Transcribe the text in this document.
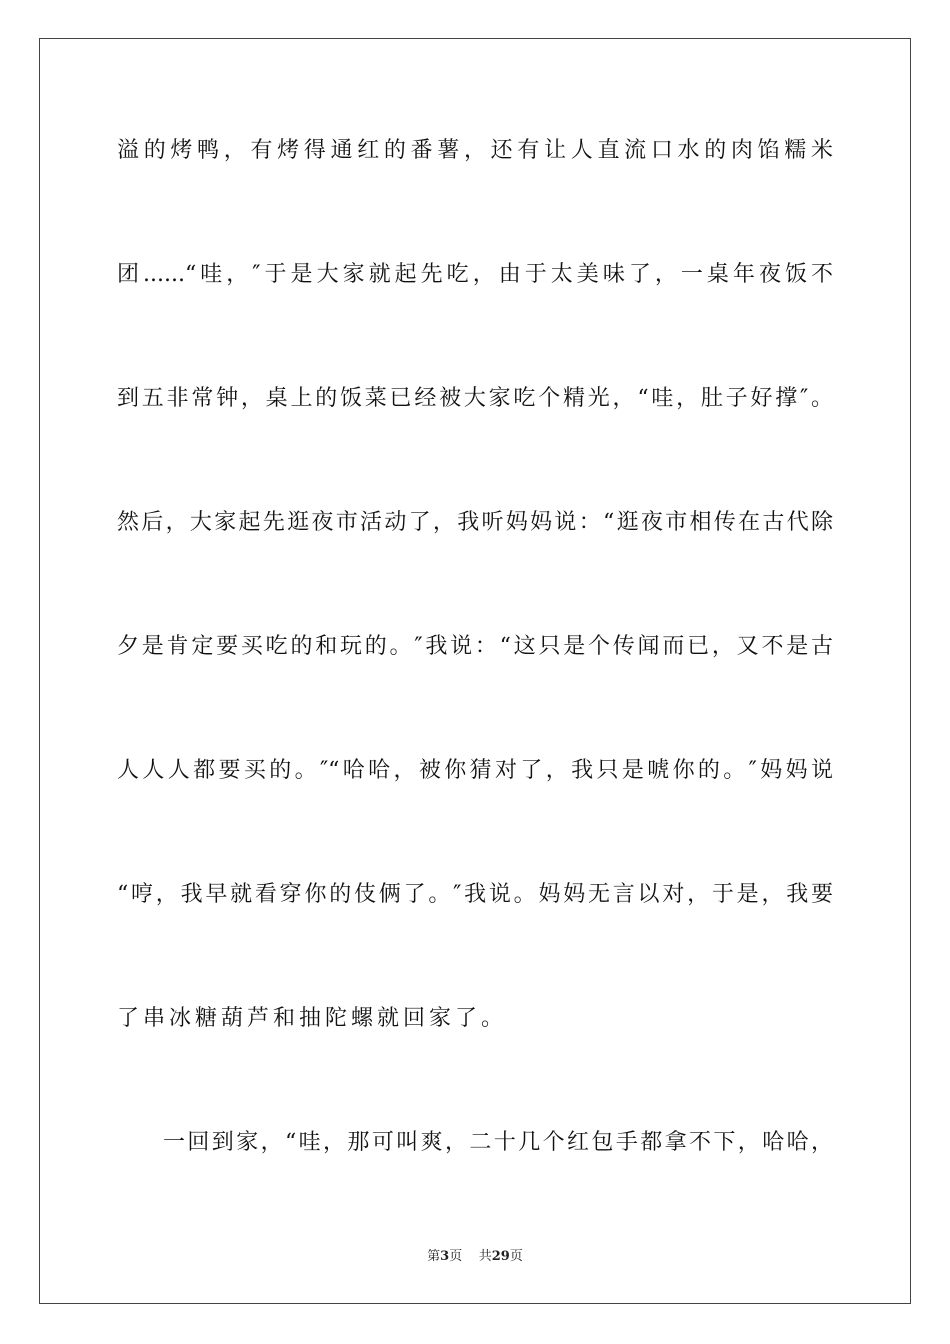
溢的烤鸭，有烤得通红的番薯，还有让人直流口水的肉馅糯米
团......“哇，″于是大家就起先吃，由于太美味了，一桌年夜饭不
到五非常钟，桌上的饭菜已经被大家吃个精光，“哇，肚子好撑″。
然后，大家起先逛夜市活动了，我听妈妈说：“逛夜市相传在古代除
夕是肯定要买吃的和玩的。″我说：“这只是个传闻而已，又不是古
人人人都要买的。″“哈哈，被你猜对了，我只是唬你的。″妈妈说
“哼，我早就看穿你的伎俩了。″我说。妈妈无言以对，于是，我要
了串冰糖葫芦和抽陀螺就回家了。
一回到家，“哇，那可叫爽，二十几个红包手都拿不下，哈哈，
第3页 共29页
